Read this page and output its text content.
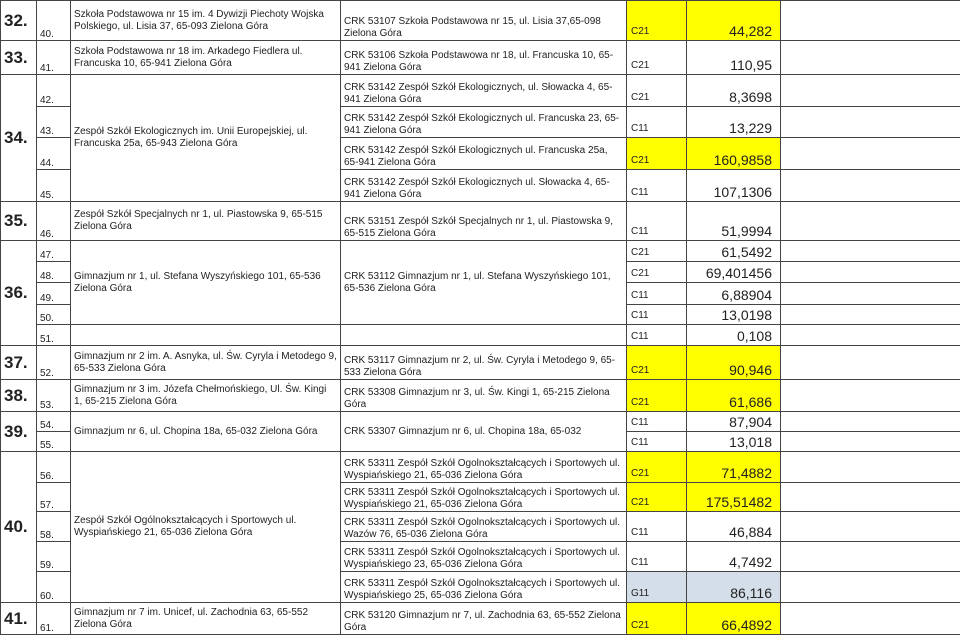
32.	40.	Szkoła Podstawowa nr 15 im. 4 Dywizji Piechoty Wojska Polskiego, ul. Lisia 37, 65-093 Zielona Góra	CRK 53107 Szkoła Podstawowa nr 15, ul. Lisia 37,65-098 Zielona Góra	C21	44,282	
33.	41.	Szkoła Podstawowa nr 18 im. Arkadego Fiedlera ul. Francuska 10, 65-941 Zielona Góra	CRK 53106 Szkoła Podstawowa nr 18, ul. Francuska 10, 65-941 Zielona Góra	C21	110,95	
34.	42.	Zespół Szkół Ekologicznych im. Unii Europejskiej, ul. Francuska 25a, 65-943 Zielona Góra	CRK 53142 Zespół Szkół Ekologicznych, ul. Słowacka 4, 65-941 Zielona Góra	C21	8,3698	
	43.		CRK 53142 Zespół Szkół Ekologicznych ul. Francuska 23, 65-941 Zielona Góra	C11	13,229	
	44.		CRK 53142 Zespół Szkół Ekologicznych ul. Francuska 25a, 65-941 Zielona Góra	C21	160,9858	
	45.		CRK 53142 Zespół Szkół Ekologicznych ul. Słowacka 4, 65-941 Zielona Góra	C11	107,1306	
35.	46.	Zespół Szkół Specjalnych nr 1, ul. Piastowska 9, 65-515 Zielona Góra	CRK 53151 Zespół Szkół Specjalnych nr 1, ul. Piastowska 9, 65-515 Zielona Góra	C11	51,9994	
36.	47.	Gimnazjum nr 1, ul. Stefana Wyszyńskiego 101, 65-536 Zielona Góra	CRK 53112 Gimnazjum nr 1, ul. Stefana Wyszyńskiego 101, 65-536 Zielona Góra	C21	61,5492	
	48.			C21	69,401456	
	49.			C11	6,88904	
	50.			C11	13,0198	
	51.			C11	0,108	
37.	52.	Gimnazjum nr 2 im. A. Asnyka, ul. Św. Cyryla i Metodego 9, 65-533 Zielona Góra	CRK 53117 Gimnazjum nr 2, ul. Św. Cyryla i Metodego 9, 65-533 Zielona Góra	C21	90,946	
38.	53.	Gimnazjum nr 3 im. Józefa Chełmońskiego, Ul. Św. Kingi 1, 65-215 Zielona Góra	CRK 53308 Gimnazjum nr 3, ul. Św. Kingi 1, 65-215 Zielona Góra	C21	61,686	
39.	54.	Gimnazjum nr 6, ul. Chopina 18a, 65-032 Zielona Góra	CRK 53307 Gimnazjum nr 6, ul. Chopina 18a, 65-032	C11	87,904	
	55.			C11	13,018	
40.	56.	Zespół Szkół Ogólnokształcących i Sportowych ul. Wyspiańskiego 21, 65-036 Zielona Góra	CRK 53311 Zespół Szkół Ogolnokształcących i Sportowych ul. Wyspiańskiego 21, 65-036 Zielona Góra	C21	71,4882	
	57.		CRK 53311 Zespół Szkół Ogolnokształcących i Sportowych ul. Wyspiańskiego 21, 65-036 Zielona Góra	C21	175,51482	
	58.		CRK 53311 Zespół Szkół Ogolnokształcących i Sportowych ul. Wazów 76, 65-036 Zielona Góra	C11	46,884	
	59.		CRK 53311 Zespół Szkół Ogolnokształcących i Sportowych ul. Wyspiańskiego 23, 65-036 Zielona Góra	C11	4,7492	
	60.		CRK 53311 Zespół Szkół Ogolnokształcących i Sportowych ul. Wyspiańskiego 25, 65-036 Zielona Góra	G11	86,116	
41.	61.	Gimnazjum nr 7 im. Unicef, ul. Zachodnia 63, 65-552 Zielona Góra	CRK 53120 Gimnazjum nr 7, ul. Zachodnia 63, 65-552 Zielona Góra	C21	66,4892	
